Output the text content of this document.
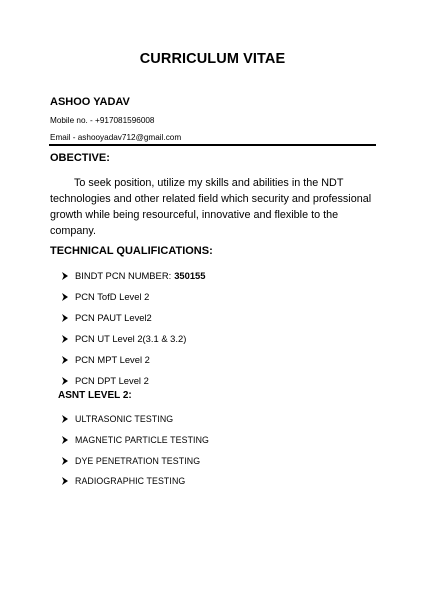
CURRICULUM VITAE
ASHOO YADAV
Mobile no. - +917081596008
Email - ashooyadav712@gmail.com
OBECTIVE:
To seek position, utilize my skills and abilities in the NDT technologies and other related field which security and professional growth while being resourceful, innovative and flexible to the company.
TECHNICAL QUALIFICATIONS:
BINDT PCN NUMBER: 350155
PCN TofD Level 2
PCN PAUT Level2
PCN UT Level 2(3.1 & 3.2)
PCN MPT Level 2
PCN DPT Level 2
ASNT LEVEL 2:
ULTRASONIC TESTING
MAGNETIC PARTICLE TESTING
DYE PENETRATION TESTING
RADIOGRAPHIC TESTING
